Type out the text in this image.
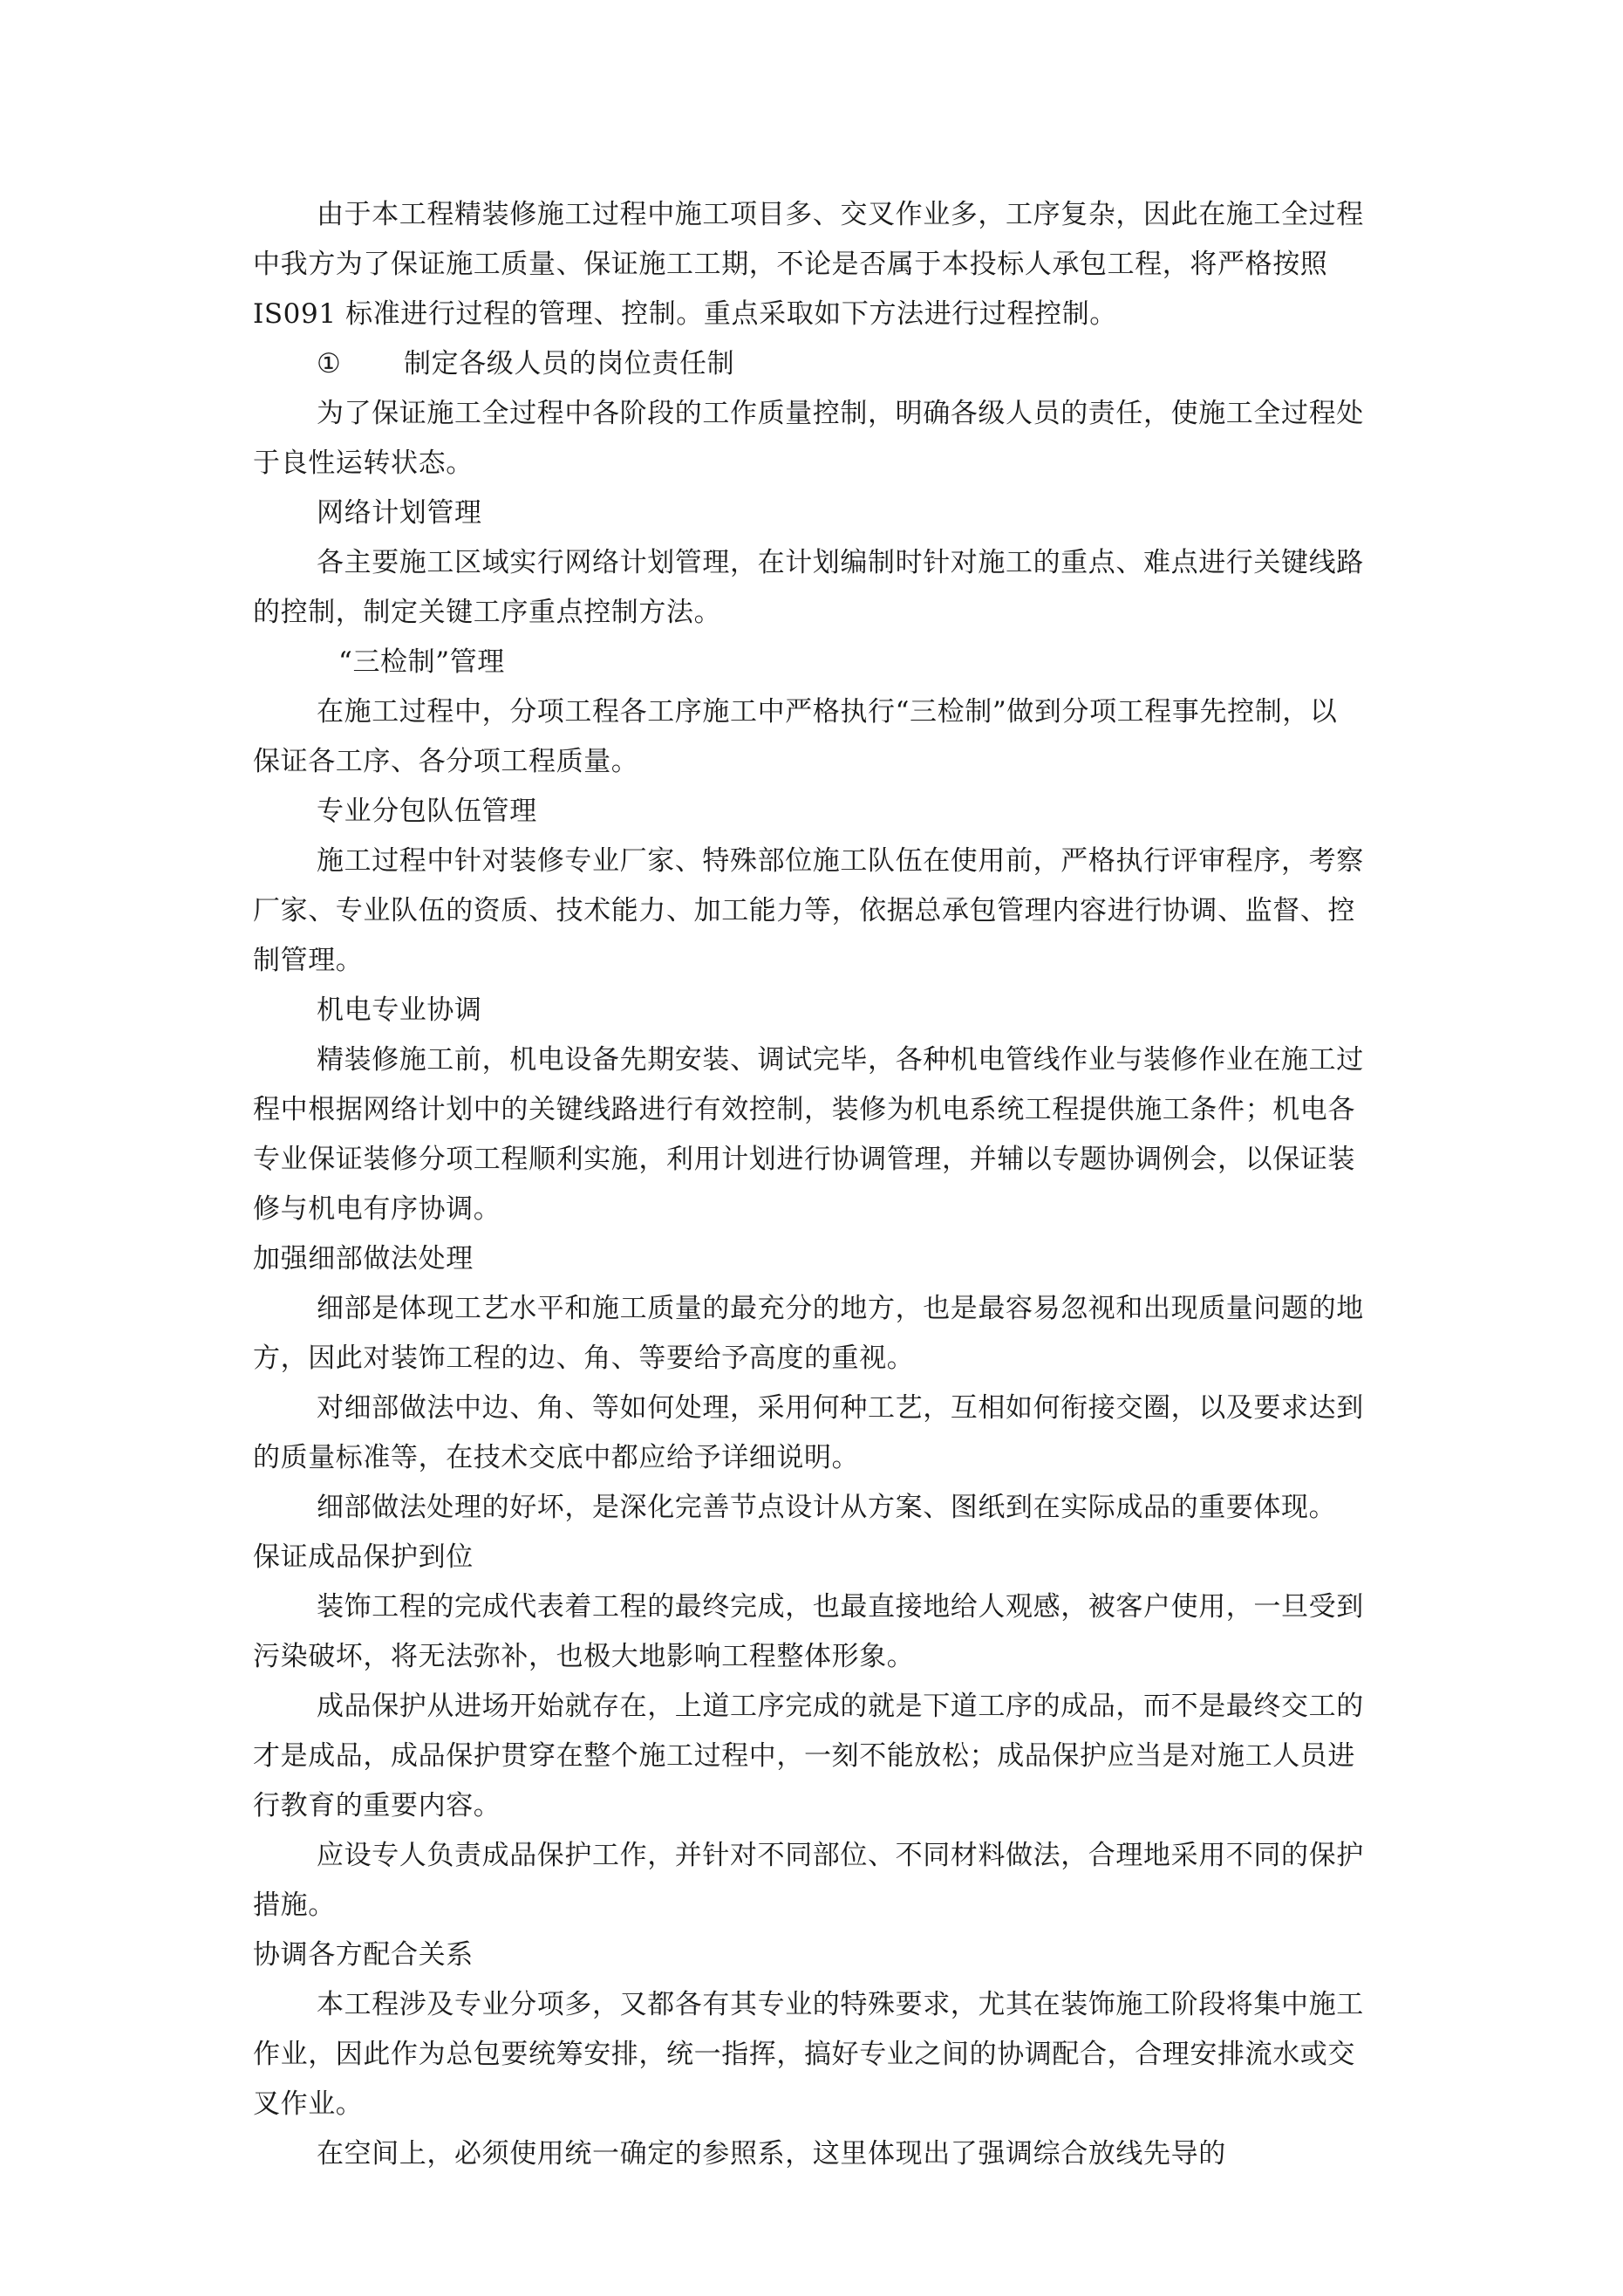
由于本工程精装修施工过程中施工项目多、交叉作业多，工序复杂，因此在施工全过程
中我方为了保证施工质量、保证施工工期，不论是否属于本投标人承包工程，将严格按照
IS091 标准进行过程的管理、控制。重点采取如下方法进行过程控制。
① 制定各级人员的岗位责任制
为了保证施工全过程中各阶段的工作质量控制，明确各级人员的责任，使施工全过程处
于良性运转状态。
网络计划管理
各主要施工区域实行网络计划管理，在计划编制时针对施工的重点、难点进行关键线路
的控制，制定关键工序重点控制方法。
“三检制”管理
在施工过程中，分项工程各工序施工中严格执行“三检制”做到分项工程事先控制，以
保证各工序、各分项工程质量。
专业分包队伍管理
施工过程中针对装修专业厂家、特殊部位施工队伍在使用前，严格执行评审程序，考察
厂家、专业队伍的资质、技术能力、加工能力等，依据总承包管理内容进行协调、监督、控
制管理。
机电专业协调
精装修施工前，机电设备先期安装、调试完毕，各种机电管线作业与装修作业在施工过
程中根据网络计划中的关键线路进行有效控制，装修为机电系统工程提供施工条件；机电各
专业保证装修分项工程顺利实施，利用计划进行协调管理，并辅以专题协调例会，以保证装
修与机电有序协调。
加强细部做法处理
细部是体现工艺水平和施工质量的最充分的地方，也是最容易忽视和出现质量问题的地
方，因此对装饰工程的边、角、等要给予高度的重视。
对细部做法中边、角、等如何处理，采用何种工艺，互相如何衔接交圈，以及要求达到
的质量标准等，在技术交底中都应给予详细说明。
细部做法处理的好坏，是深化完善节点设计从方案、图纸到在实际成品的重要体现。
保证成品保护到位
装饰工程的完成代表着工程的最终完成，也最直接地给人观感，被客户使用，一旦受到
污染破坏，将无法弥补，也极大地影响工程整体形象。
成品保护从进场开始就存在，上道工序完成的就是下道工序的成品，而不是最终交工的
才是成品，成品保护贯穿在整个施工过程中，一刻不能放松；成品保护应当是对施工人员进
行教育的重要内容。
应设专人负责成品保护工作，并针对不同部位、不同材料做法，合理地采用不同的保护
措施。
协调各方配合关系
本工程涉及专业分项多，又都各有其专业的特殊要求，尤其在装饰施工阶段将集中施工
作业，因此作为总包要统筹安排，统一指挥，搞好专业之间的协调配合，合理安排流水或交
叉作业。
在空间上，必须使用统一确定的参照系，这里体现出了强调综合放线先导的
